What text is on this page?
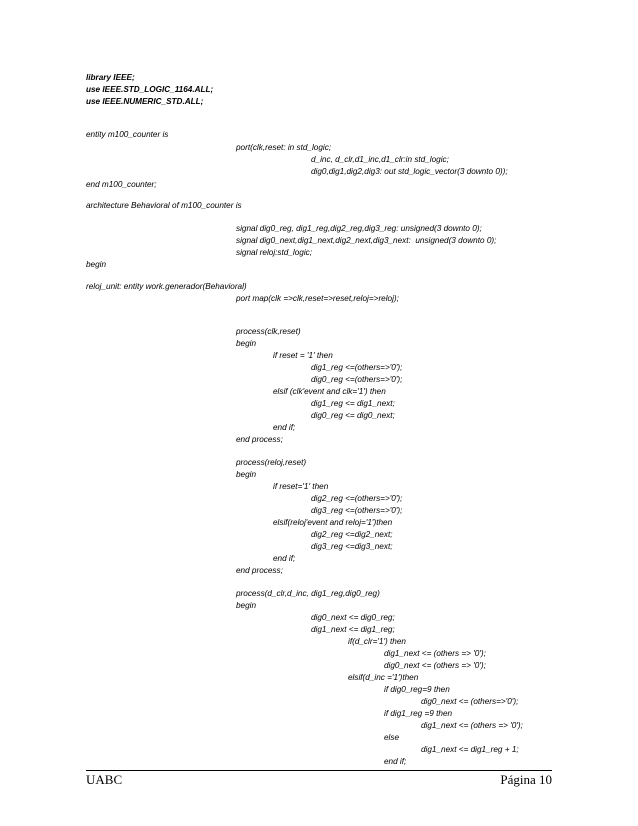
library IEEE;
use IEEE.STD_LOGIC_1164.ALL;
use IEEE.NUMERIC_STD.ALL;
entity m100_counter is
port(clk,reset: in std_logic;
d_inc, d_clr,d1_inc,d1_clr:in std_logic;
dig0,dig1,dig2,dig3: out std_logic_vector(3 downto 0));
end m100_counter;
architecture Behavioral of m100_counter is
signal dig0_reg, dig1_reg,dig2_reg,dig3_reg: unsigned(3 downto 0);
signal dig0_next,dig1_next,dig2_next,dig3_next:  unsigned(3 downto 0);
signal reloj:std_logic;
begin
reloj_unit: entity work.generador(Behavioral)
port map(clk =>clk,reset=>reset,reloj=>reloj);
process(clk,reset)
begin
if reset = '1' then
dig1_reg <=(others=>'0');
dig0_reg <=(others=>'0');
elsif (clk'event and clk='1') then
dig1_reg <= dig1_next;
dig0_reg <= dig0_next;
end if;
end process;
process(reloj,reset)
begin
if reset='1' then
dig2_reg <=(others=>'0');
dig3_reg <=(others=>'0');
elsif(reloj'event and reloj='1')then
dig2_reg <=dig2_next;
dig3_reg <=dig3_next;
end if;
end process;
process(d_clr,d_inc, dig1_reg,dig0_reg)
begin
dig0_next <= dig0_reg;
dig1_next <= dig1_reg;
if(d_clr='1') then
dig1_next <= (others => '0');
dig0_next <= (others => '0');
elsif(d_inc ='1')then
if dig0_reg=9 then
dig0_next <= (others=>'0');
if dig1_reg =9 then
dig1_next <= (others => '0');
else
dig1_next <= dig1_reg + 1;
end if;
UABC	Página 10
